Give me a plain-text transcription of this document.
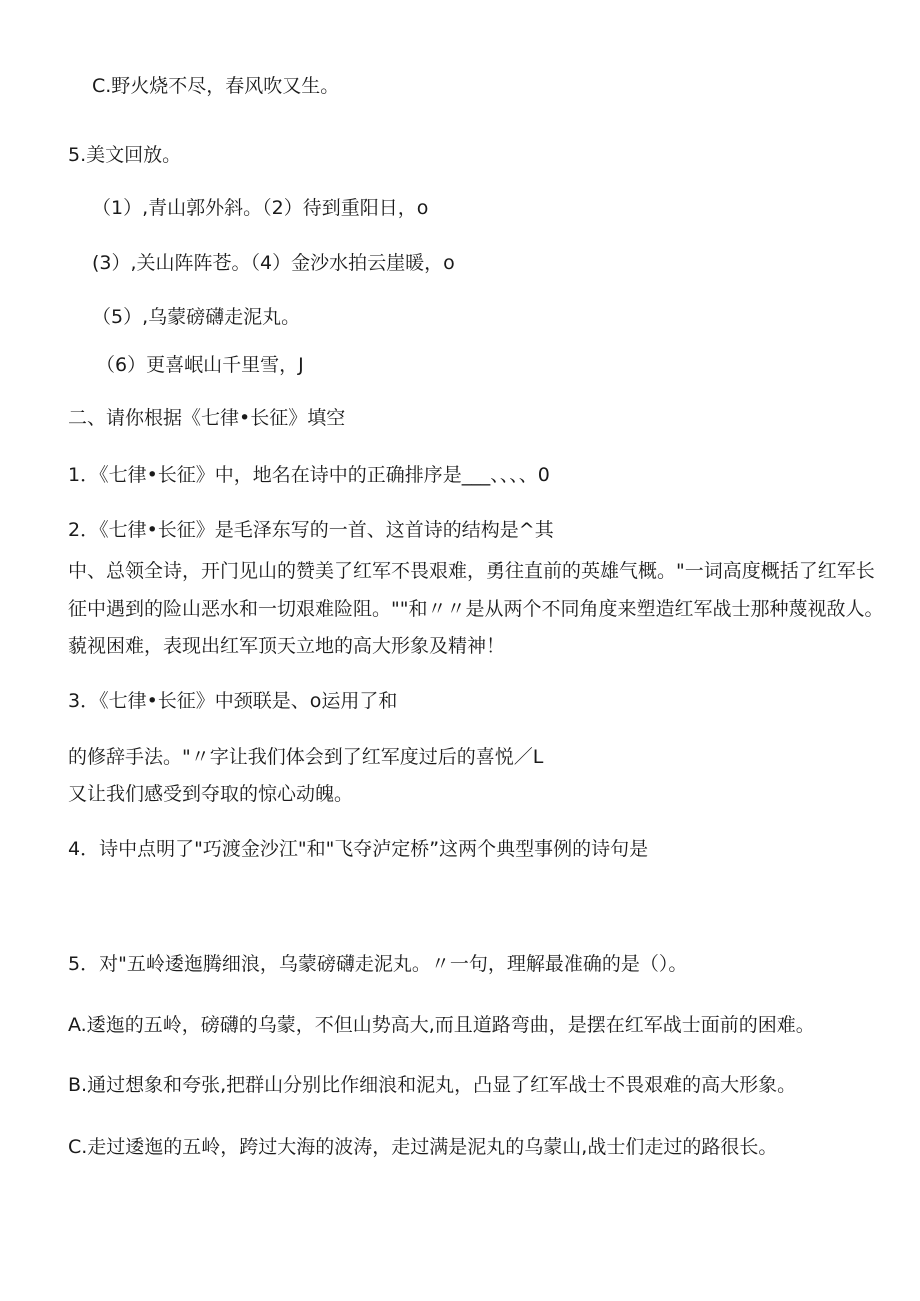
C.野火烧不尽，春风吹又生。
5.美文回放。
（1）,青山郭外斜。（2）待到重阳日，o
(3）,关山阵阵苍。（4）金沙水拍云崖暖，o
（5）,乌蒙磅礴走泥丸。
（6）更喜岷山千里雪，J
二、请你根据《七律•长征》填空
1．《七律•长征》中，地名在诗中的正确排序是___、、、、0
2．《七律•长征》是毛泽东写的一首、这首诗的结构是^其
中、总领全诗，开门见山的赞美了红军不畏艰难，勇往直前的英雄气概。"一词高度概括了红军长
征中遇到的险山恶水和一切艰难险阻。""和〃〃是从两个不同角度来塑造红军战士那种蔑视敌人。
藐视困难，表现出红军顶天立地的高大形象及精神！
3．《七律•长征》中颈联是、o运用了和
的修辞手法。"〃字让我们体会到了红军度过后的喜悦／L
又让我们感受到夺取的惊心动魄。
4．诗中点明了"巧渡金沙江"和"飞夺泸定桥”这两个典型事例的诗句是
5．对"五岭逶迤腾细浪，乌蒙磅礴走泥丸。〃一句，理解最准确的是（）。
A.逶迤的五岭，磅礴的乌蒙，不但山势高大,而且道路弯曲，是摆在红军战士面前的困难。
B.通过想象和夸张,把群山分别比作细浪和泥丸，凸显了红军战士不畏艰难的高大形象。
C.走过逶迤的五岭，跨过大海的波涛，走过满是泥丸的乌蒙山,战士们走过的路很长。
